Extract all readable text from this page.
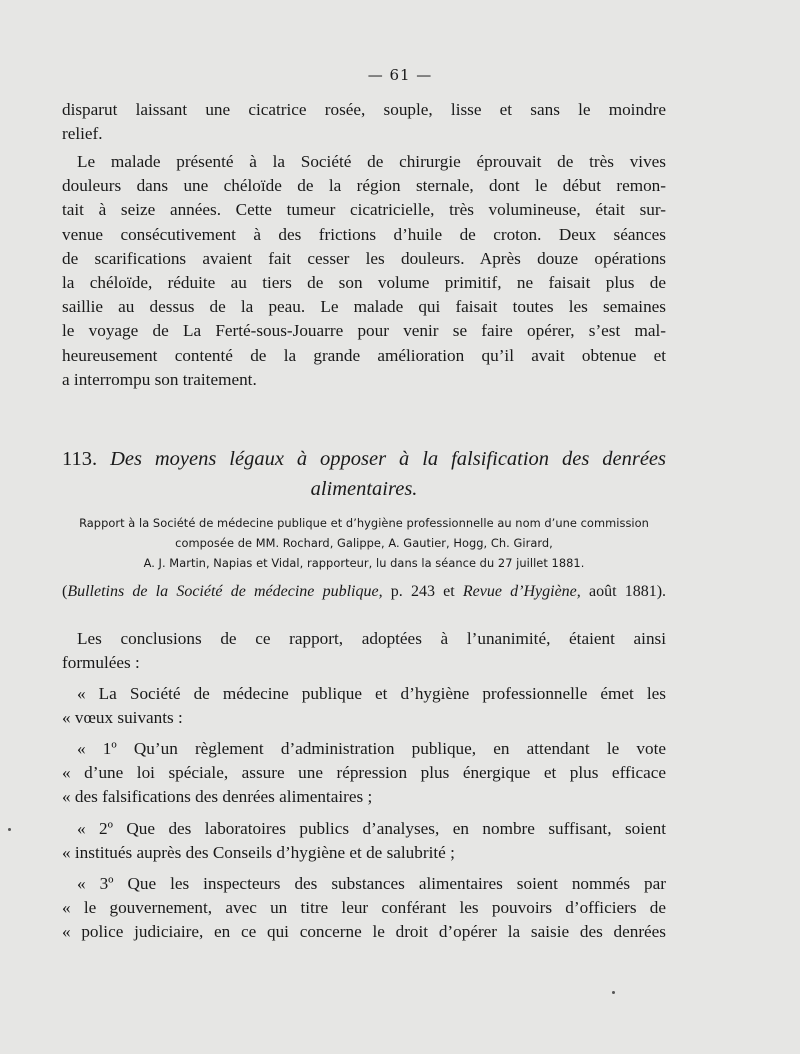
— 61 —
disparut laissant une cicatrice rosée, souple, lisse et sans le moindre
relief.
Le malade présenté à la Société de chirurgie éprouvait de très vives
douleurs dans une chéloïde de la région sternale, dont le début remon-
tait à seize années. Cette tumeur cicatricielle, très volumineuse, était sur-
venue consécutivement à des frictions d’huile de croton. Deux séances
de scarifications avaient fait cesser les douleurs. Après douze opérations
la chéloïde, réduite au tiers de son volume primitif, ne faisait plus de
saillie au dessus de la peau. Le malade qui faisait toutes les semaines
le voyage de La Ferté-sous-Jouarre pour venir se faire opérer, s’est mal-
heureusement contenté de la grande amélioration qu’il avait obtenue et
a interrompu son traitement.
113. Des moyens légaux à opposer à la falsification des denrées
alimentaires.
Rapport à la Société de médecine publique et d’hygiène professionnelle au nom d’une commission
composée de MM. Rochard, Galippe, A. Gautier, Hogg, Ch. Girard,
A. J. Martin, Napias et Vidal, rapporteur, lu dans la séance du 27 juillet 1881.
(Bulletins de la Société de médecine publique, p. 243 et Revue d’Hygiène, août 1881).
Les conclusions de ce rapport, adoptées à l’unanimité, étaient ainsi
formulées :
« La Société de médecine publique et d’hygiène professionnelle émet les
« vœux suivants :
« 1º Qu’un règlement d’administration publique, en attendant le vote
« d’une loi spéciale, assure une répression plus énergique et plus efficace
« des falsifications des denrées alimentaires ;
« 2º Que des laboratoires publics d’analyses, en nombre suffisant, soient
« institués auprès des Conseils d’hygiène et de salubrité ;
« 3º Que les inspecteurs des substances alimentaires soient nommés par
« le gouvernement, avec un titre leur conférant les pouvoirs d’officiers de
« police judiciaire, en ce qui concerne le droit d’opérer la saisie des denrées
